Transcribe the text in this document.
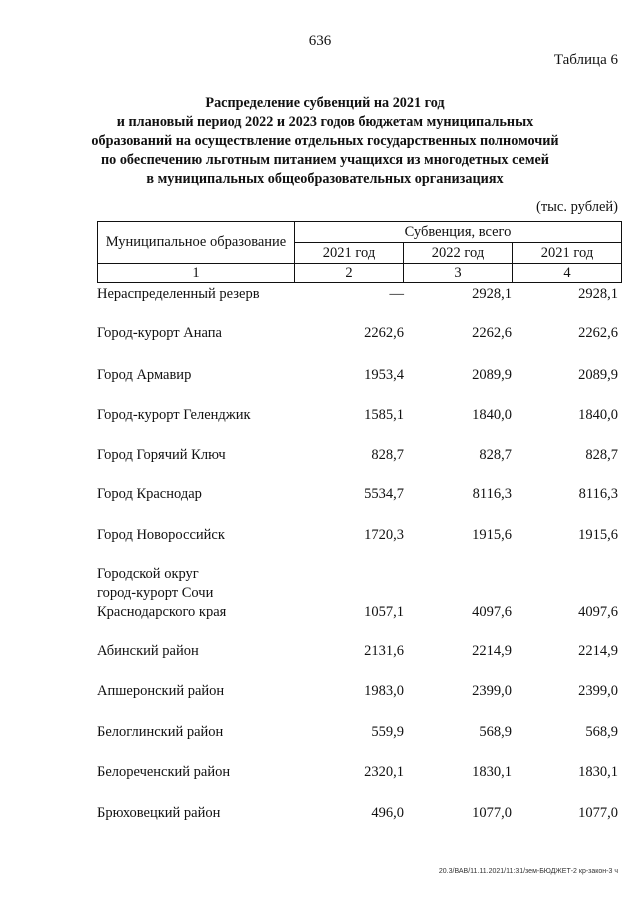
636
Таблица 6
Распределение субвенций на 2021 год
и плановый период 2022 и 2023 годов бюджетам муниципальных
образований на осуществление отдельных государственных полномочий
по обеспечению льготным питанием учащихся из многодетных семей
в муниципальных общеобразовательных организациях
(тыс. рублей)
Муниципальное образование	Субвенция, всего		
	2021 год	2022 год	2021 год
1	2	3	4
Нераспределенный резерв	—	2928,1	2928,1
Город-курорт Анапа	2262,6	2262,6	2262,6
Город Армавир	1953,4	2089,9	2089,9
Город-курорт Геленджик	1585,1	1840,0	1840,0
Город Горячий Ключ	828,7	828,7	828,7
Город Краснодар	5534,7	8116,3	8116,3
Город Новороссийск	1720,3	1915,6	1915,6
Городской округ
город-курорт Сочи
Краснодарского края	1057,1	4097,6	4097,6
Абинский район	2131,6	2214,9	2214,9
Апшеронский район	1983,0	2399,0	2399,0
Белоглинский район	559,9	568,9	568,9
Белореченский район	2320,1	1830,1	1830,1
Брюховецкий район	496,0	1077,0	1077,0
20.3/ВАВ/11.11.2021/11:31/зем-БЮДЖЕТ-2 кр-закон-3 ч
